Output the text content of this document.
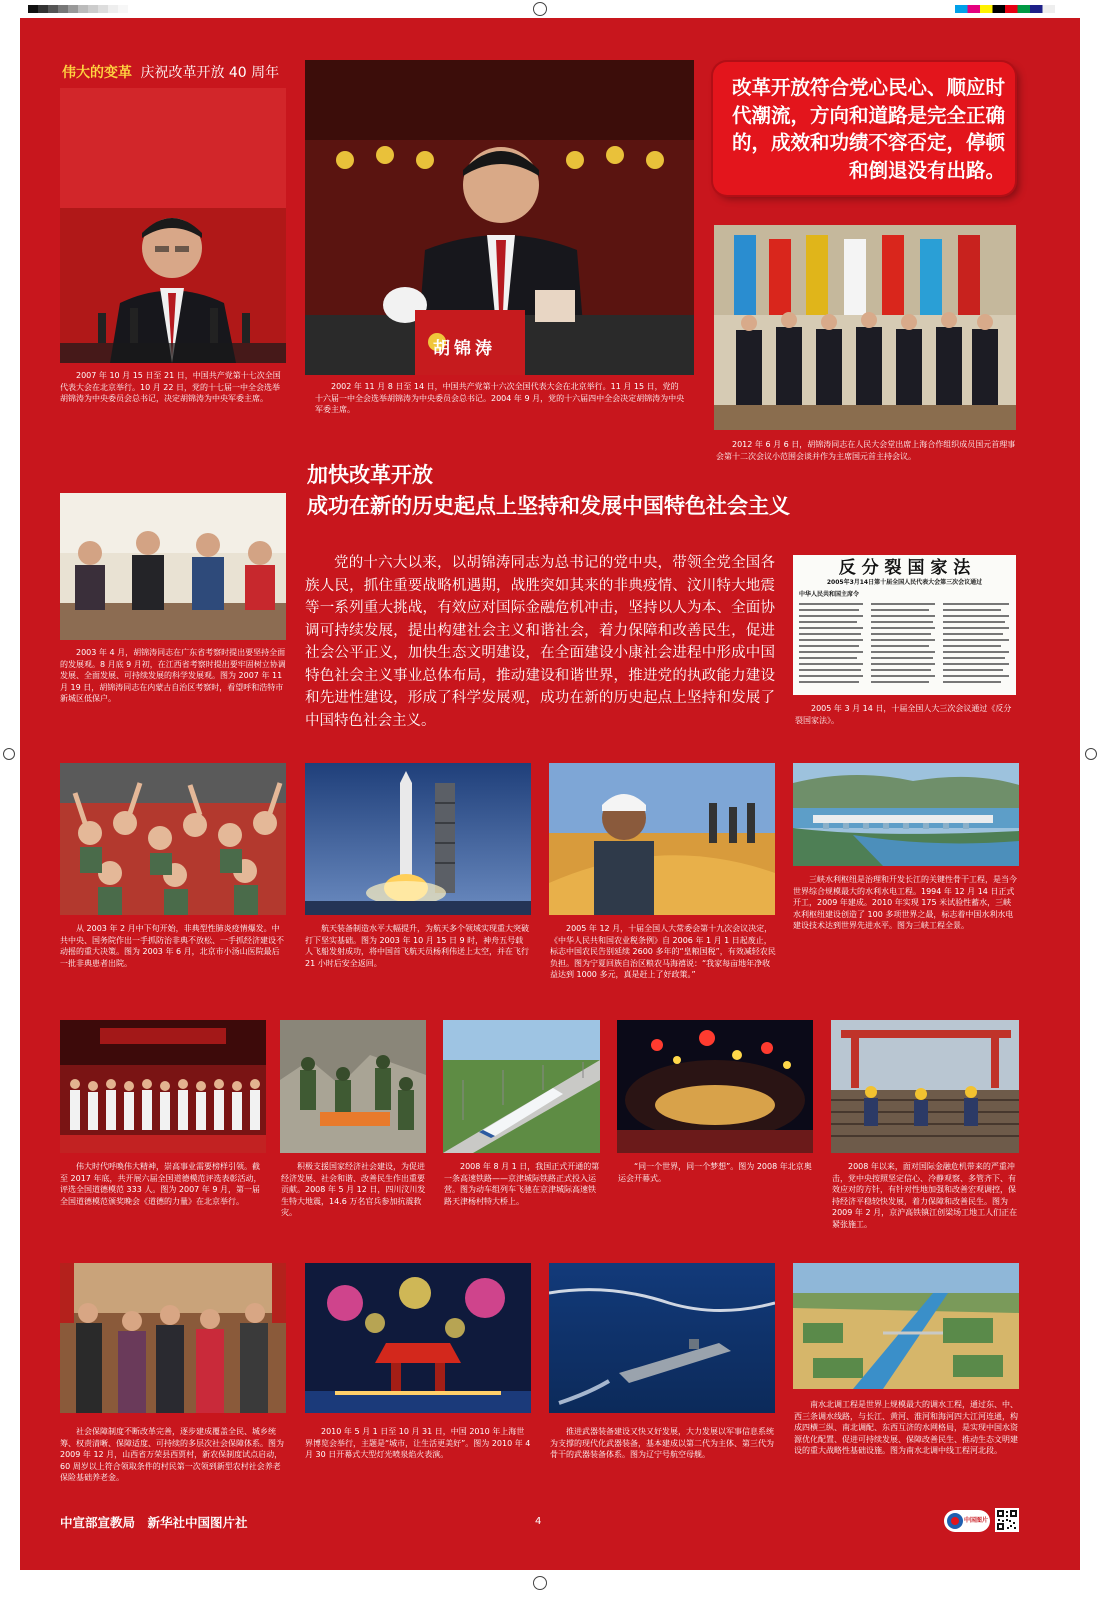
伟大的变革 庆祝改革开放 40 周年
胡锦涛
改革开放符合党心民心、顺应时代潮流，方向和道路是完全正确的，成效和功绩不容否定，停顿和倒退没有出路。
2007 年 10 月 15 日至 21 日，中国共产党第十七次全国代表大会在北京举行。10 月 22 日，党的十七届一中全会选举胡锦涛为中央委员会总书记，决定胡锦涛为中央军委主席。
2002 年 11 月 8 日至 14 日，中国共产党第十六次全国代表大会在北京举行。11 月 15 日，党的十六届一中全会选举胡锦涛为中央委员会总书记。2004 年 9 月，党的十六届四中全会决定胡锦涛为中央军委主席。
2012 年 6 月 6 日，胡锦涛同志在人民大会堂出席上海合作组织成员国元首理事会第十二次会议小范围会谈并作为主席国元首主持会议。
加快改革开放
成功在新的历史起点上坚持和发展中国特色社会主义
2003 年 4 月，胡锦涛同志在广东省考察时提出要坚持全面的发展观。8 月底 9 月初，在江西省考察时提出要牢固树立协调发展、全面发展、可持续发展的科学发展观。图为 2007 年 11 月 19 日，胡锦涛同志在内蒙古自治区考察时，看望呼和浩特市新城区低保户。
党的十六大以来，以胡锦涛同志为总书记的党中央，带领全党全国各族人民，抓住重要战略机遇期，战胜突如其来的非典疫情、汶川特大地震等一系列重大挑战，有效应对国际金融危机冲击，坚持以人为本、全面协调可持续发展，提出构建社会主义和谐社会，着力保障和改善民生，促进社会公平正义，加快生态文明建设，在全面建设小康社会进程中形成中国特色社会主义事业总体布局，推动建设和谐世界，推进党的执政能力建设和先进性建设，形成了科学发展观，成功在新的历史起点上坚持和发展了中国特色社会主义。
反 分 裂 国 家 法
2005年3月14日第十届全国人民代表大会第三次会议通过
中华人民共和国主席令
2005 年 3 月 14 日，十届全国人大三次会议通过《反分裂国家法》。
从 2003 年 2 月中下旬开始，非典型性肺炎疫情爆发。中共中央、国务院作出一手抓防治非典不放松、一手抓经济建设不动摇的重大决策。图为 2003 年 6 月，北京市小汤山医院最后一批非典患者出院。
航天装备制造水平大幅提升，为航天多个领域实现重大突破打下坚实基础。图为 2003 年 10 月 15 日 9 时，神舟五号载人飞船发射成功，将中国首飞航天员杨利伟送上太空，并在飞行 21 小时后安全返回。
2005 年 12 月，十届全国人大常委会第十九次会议决定，《中华人民共和国农业税条例》自 2006 年 1 月 1 日起废止，标志中国农民告别延续 2600 多年的“皇粮国税”，有效减轻农民负担。图为宁夏回族自治区粮农马海禧说：“我家每亩地年净收益达到 1000 多元，真是赶上了好政策。”
三峡水利枢纽是治理和开发长江的关键性骨干工程，是当今世界综合规模最大的水利水电工程。1994 年 12 月 14 日正式开工，2009 年建成。2010 年实现 175 米试验性蓄水，三峡水利枢纽建设创造了 100 多项世界之最，标志着中国水利水电建设技术达到世界先进水平。图为三峡工程全景。
伟大时代呼唤伟大精神，崇高事业需要榜样引领。截至 2017 年底，共开展六届全国道德模范评选表彰活动，评选全国道德模范 333 人。图为 2007 年 9 月，第一届全国道德模范颁奖晚会《道德的力量》在北京举行。
积极支援国家经济社会建设，为促进经济发展、社会和谐、改善民生作出重要贡献。2008 年 5 月 12 日，四川汶川发生特大地震，14.6 万名官兵参加抗震救灾。
2008 年 8 月 1 日，我国正式开通的第一条高速铁路——京津城际铁路正式投入运营。图为动车组列车飞驰在京津城际高速铁路天津杨村特大桥上。
“同一个世界，同一个梦想”。图为 2008 年北京奥运会开幕式。
2008 年以来，面对国际金融危机带来的严重冲击，党中央按照坚定信心、冷静观察、多管齐下、有效应对的方针，有针对性地加强和改善宏观调控，保持经济平稳较快发展，着力保障和改善民生。图为 2009 年 2 月，京沪高铁镇江创梁场工地工人们正在紧张施工。
社会保障制度不断改革完善，逐步建成覆盖全民、城乡统筹、权责清晰、保障适度、可持续的多层次社会保障体系。图为 2009 年 12 月，山西省万荣县西贾村，新农保制度试点启动，60 周岁以上符合领取条件的村民第一次领到新型农村社会养老保险基础养老金。
2010 年 5 月 1 日至 10 月 31 日，中国 2010 年上海世界博览会举行，主题是“城市，让生活更美好”。图为 2010 年 4 月 30 日开幕式大型灯光喷泉焰火表演。
推进武器装备建设又快又好发展，大力发展以军事信息系统为支撑的现代化武器装备，基本建成以第二代为主体、第三代为骨干的武器装备体系。图为辽宁号航空母舰。
南水北调工程是世界上规模最大的调水工程，通过东、中、西三条调水线路，与长江、黄河、淮河和海河四大江河连通，构成四横三纵、南北调配、东西互济的水网格局，是实现中国水资源优化配置、促进可持续发展、保障改善民生、推动生态文明建设的重大战略性基础设施。图为南水北调中线工程河北段。
中宣部宣教局　新华社中国图片社	4	中国图片
